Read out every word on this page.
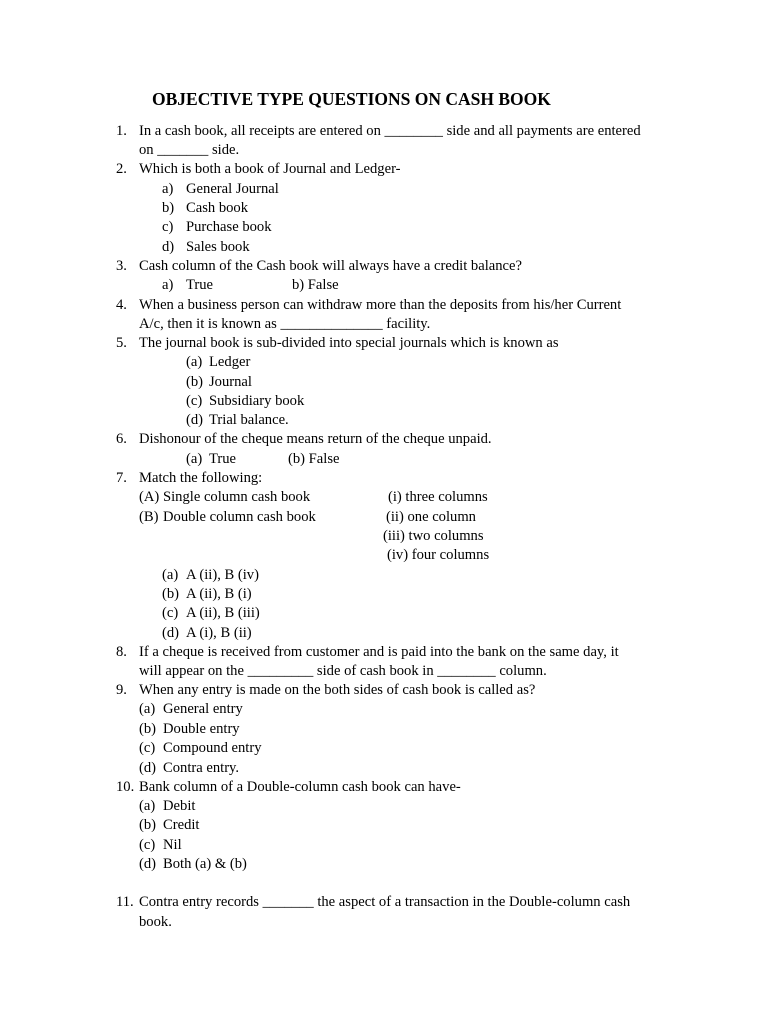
OBJECTIVE TYPE QUESTIONS ON CASH BOOK
1. In a cash book, all receipts are entered on ________ side and all payments are entered
on _______ side.
2. Which is both a book of Journal and Ledger-
a) General Journal
b) Cash book
c) Purchase book
d) Sales book
3. Cash column of the Cash book will always have a credit balance?
a) True	b) False
4. When a business person can withdraw more than the deposits from his/her Current
A/c, then it is known as ______________ facility.
5. The journal book is sub-divided into special journals which is known as
(a) Ledger
(b) Journal
(c) Subsidiary book
(d) Trial balance.
6. Dishonour of the cheque means return of the cheque unpaid.
(a) True	(b) False
7. Match the following:
(A) Single column cash book
(B) Double column cash book
(i) three columns
(ii) one column
(iii) two columns
(iv) four columns
(a) A (ii), B (iv)
(b) A (ii), B (i)
(c) A (ii), B (iii)
(d) A (i), B (ii)
8. If a cheque is received from customer and is paid into the bank on the same day, it
will appear on the _________ side of cash book in ________ column.
9. When any entry is made on the both sides of cash book is called as?
(a) General entry
(b) Double entry
(c) Compound entry
(d) Contra entry.
10. Bank column of a Double-column cash book can have-
(a) Debit
(b) Credit
(c) Nil
(d) Both (a) & (b)
11. Contra entry records _______ the aspect of a transaction in the Double-column cash
book.
